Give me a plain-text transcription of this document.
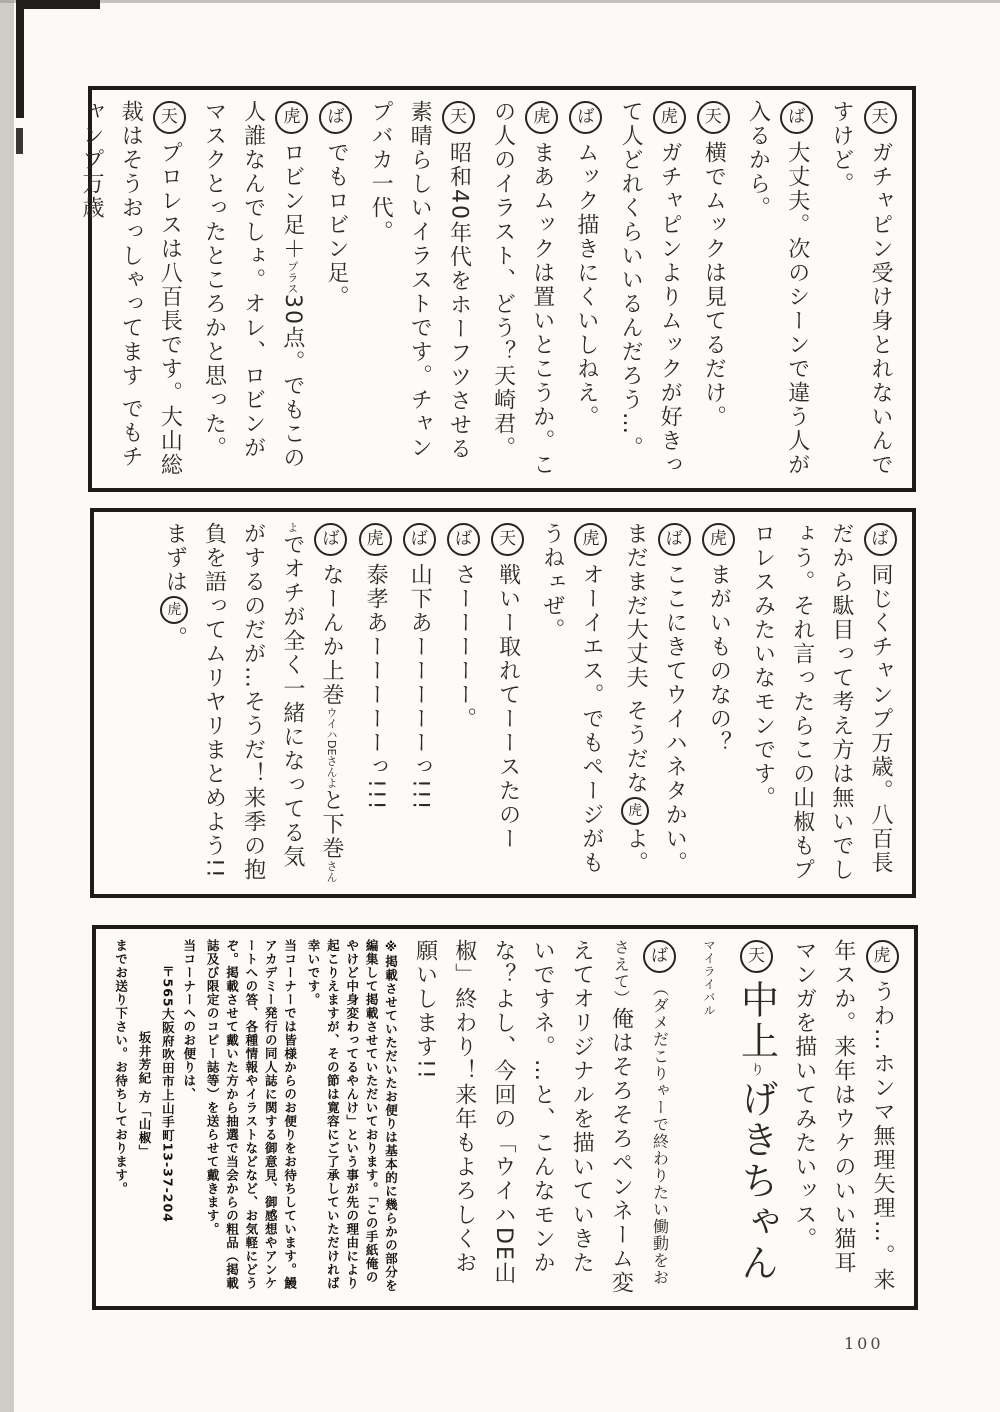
天ガチャピン受け身とれないんですけど。
ば大丈夫。次のシーンで違う人が入るから。
天横でムックは見てるだけ。
虎ガチャピンよりムックが好きって人どれくらいいるんだろう…。
ばムック描きにくいしねえ。
虎まあムックは置いとこうか。この人のイラスト、どう？天崎君。
天昭和40年代をホーフツさせる素晴らしいイラストです。チャンプバカ一代。
ばでもロビン足。
虎ロビン足＋プラス30点。でもこの人誰なんでしょ。オレ、ロビンがマスクとったところかと思った。
天プロレスは八百長です。大山総裁はそうおっしゃってます でもチャンプ万歳
ば同じくチャンプ万歳。八百長だから駄目って考え方は無いでしょう。それ言ったらこの山椒もプロレスみたいなモンです。
虎まがいものなの？
ばここにきてウイハネタかい。まだまだ大丈夫 そうだな虎よ。
虎オーイエス。でもページがもうねェぜ。
天戦いー取れてーースたのー
ばさーーーーー。
ば山下あーーーーーっ!!!
虎泰孝あーーーーーっ!!!
ばなーんか上巻ウイハDEさんよと下巻さんよでオチが全く一緒になってる気がするのだが…そうだ！来季の抱負を語ってムリヤリまとめよう!!まずは虎。
虎うわ…ホンマ無理矢理…。来年スか。来年はウケのいい猫耳マンガを描いてみたいッス。
天中上りげきちゃんマイライバル
ば（ダメだこりゃーで終わりたい働動をおさえて）俺はそろそろペンネーム変えてオリジナルを描いていきたいですネ。…と、こんなモンかな？よし、今回の「ウイハDE山椒」終わり！来年もよろしくお願いします!!
※掲載させていただいたお便りは基本的に幾らかの部分を編集して掲載させていただいております。「この手紙俺のやけど中身変わってるやんけ」という事が先の理由により起こりえますが、その節は寛容にご了承していただければ幸いです。
当コーナーでは皆様からのお便りをお待ちしています。鰻アカデミー発行の同人誌に関する御意見、御感想やアンケートへの答、各種情報やイラストなどなど、お気軽にどうぞ。掲載させて戴いた方から抽選で当会からの粗品（掲載誌及び限定のコピー誌等）を送らせて戴きます。
当コーナーへのお便りは、
〒565大阪府吹田市上山手町13-37-204
坂井芳紀 方「山椒」
までお送り下さい。お待ちしております。
100
